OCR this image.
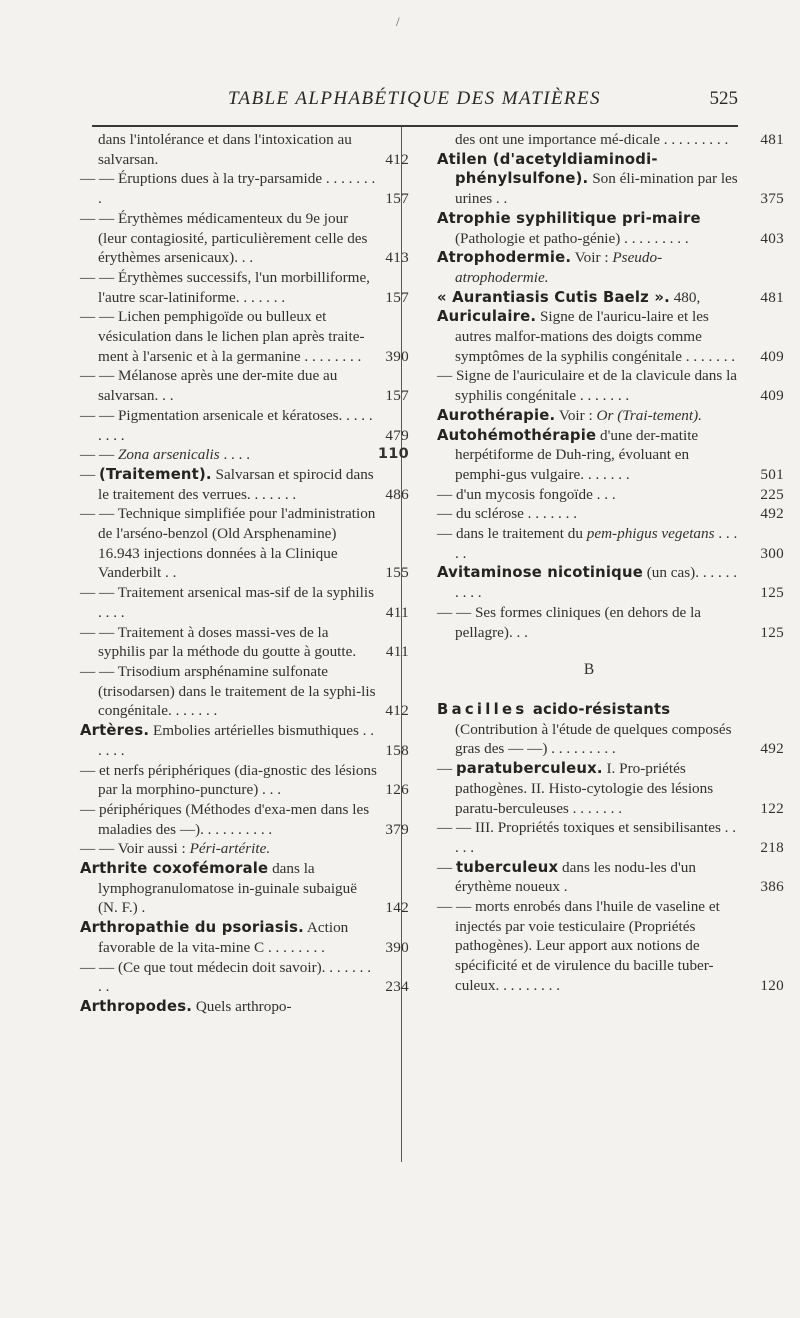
/
TABLE ALPHABÉTIQUE DES MATIÈRES	525
dans l'intolérance et dans l'intoxication au salvarsan.	412
— — Éruptions dues à la try-parsamide . . . . . . . .	157
— — Érythèmes médicamenteux du 9e jour (leur contagiosité, particulièrement celle des érythèmes arsenicaux). . .	413
— — Érythèmes successifs, l'un morbilliforme, l'autre scar-latiniforme. . . . . . .	157
— — Lichen pemphigoïde ou bulleux et vésiculation dans le lichen plan après traite-ment à l'arsenic et à la germanine . . . . . . . .	390
— — Mélanose après une der-mite due au salvarsan. . .	157
— — Pigmentation arsenicale et kératoses. . . . . . . . .	479
— — Zona arsenicalis . . . .	110
— (Traitement). Salvarsan et spirocid dans le traitement des verrues. . . . . . .	486
— — Technique simplifiée pour l'administration de l'arséno-benzol (Old Arsphenamine) 16.943 injections données à la Clinique Vanderbilt . .	155
— — Traitement arsenical mas-sif de la syphilis . . . .	411
— — Traitement à doses massi-ves de la syphilis par la méthode du goutte à goutte.	411
— — Trisodium arsphénamine sulfonate (trisodarsen) dans le traitement de la syphi-lis congénitale. . . . . . .	412
Artères. Embolies artérielles bismuthiques . . . . . .	158
— et nerfs périphériques (dia-gnostic des lésions par la morphino-puncture) . . .	126
— périphériques (Méthodes d'exa-men dans les maladies des —). . . . . . . . . .	379
— — Voir aussi : Péri-artérite.
Arthrite coxofémorale dans la lymphogranulomatose in-guinale subaiguë (N. F.) .	142
Arthropathie du psoriasis. Action favorable de la vita-mine C . . . . . . . .	390
— — (Ce que tout médecin doit savoir). . . . . . . . .	234
Arthropodes. Quels arthropo-
des ont une importance mé-dicale . . . . . . . . .	481
Atilen (d'acetyldiaminodi-phénylsulfone). Son éli-mination par les urines . .	375
Atrophie syphilitique pri-maire (Pathologie et patho-génie) . . . . . . . . .	403
Atrophodermie. Voir : Pseudo-atrophodermie.
« Aurantiasis Cutis Baelz ». 480,	481
Auriculaire. Signe de l'auricu-laire et les autres malfor-mations des doigts comme symptômes de la syphilis congénitale . . . . . . .	409
— Signe de l'auriculaire et de la clavicule dans la syphilis congénitale . . . . . . .	409
Aurothérapie. Voir : Or (Trai-tement).
Autohémothérapie d'une der-matite herpétiforme de Duh-ring, évoluant en pemphi-gus vulgaire. . . . . . .	501
— d'un mycosis fongoïde . . .	225
— du sclérose . . . . . . .	492
— dans le traitement du pem-phigus vegetans . . . . .	300
Avitaminose nicotinique (un cas). . . . . . . . . .	125
— — Ses formes cliniques (en dehors de la pellagre). . .	125
B
Bacilles acido-résistants (Contribution à l'étude de quelques composés gras des — —) . . . . . . . . .	492
— paratuberculeux. I. Pro-priétés pathogènes. II. Histo-cytologie des lésions paratu-berculeuses . . . . . . .	122
— — III. Propriétés toxiques et sensibilisantes . . . . .	218
— tuberculeux dans les nodu-les d'un érythème noueux .	386
— — morts enrobés dans l'huile de vaseline et injectés par voie testiculaire (Propriétés pathogènes). Leur apport aux notions de spécificité et de virulence du bacille tuber-culeux. . . . . . . . .	120
